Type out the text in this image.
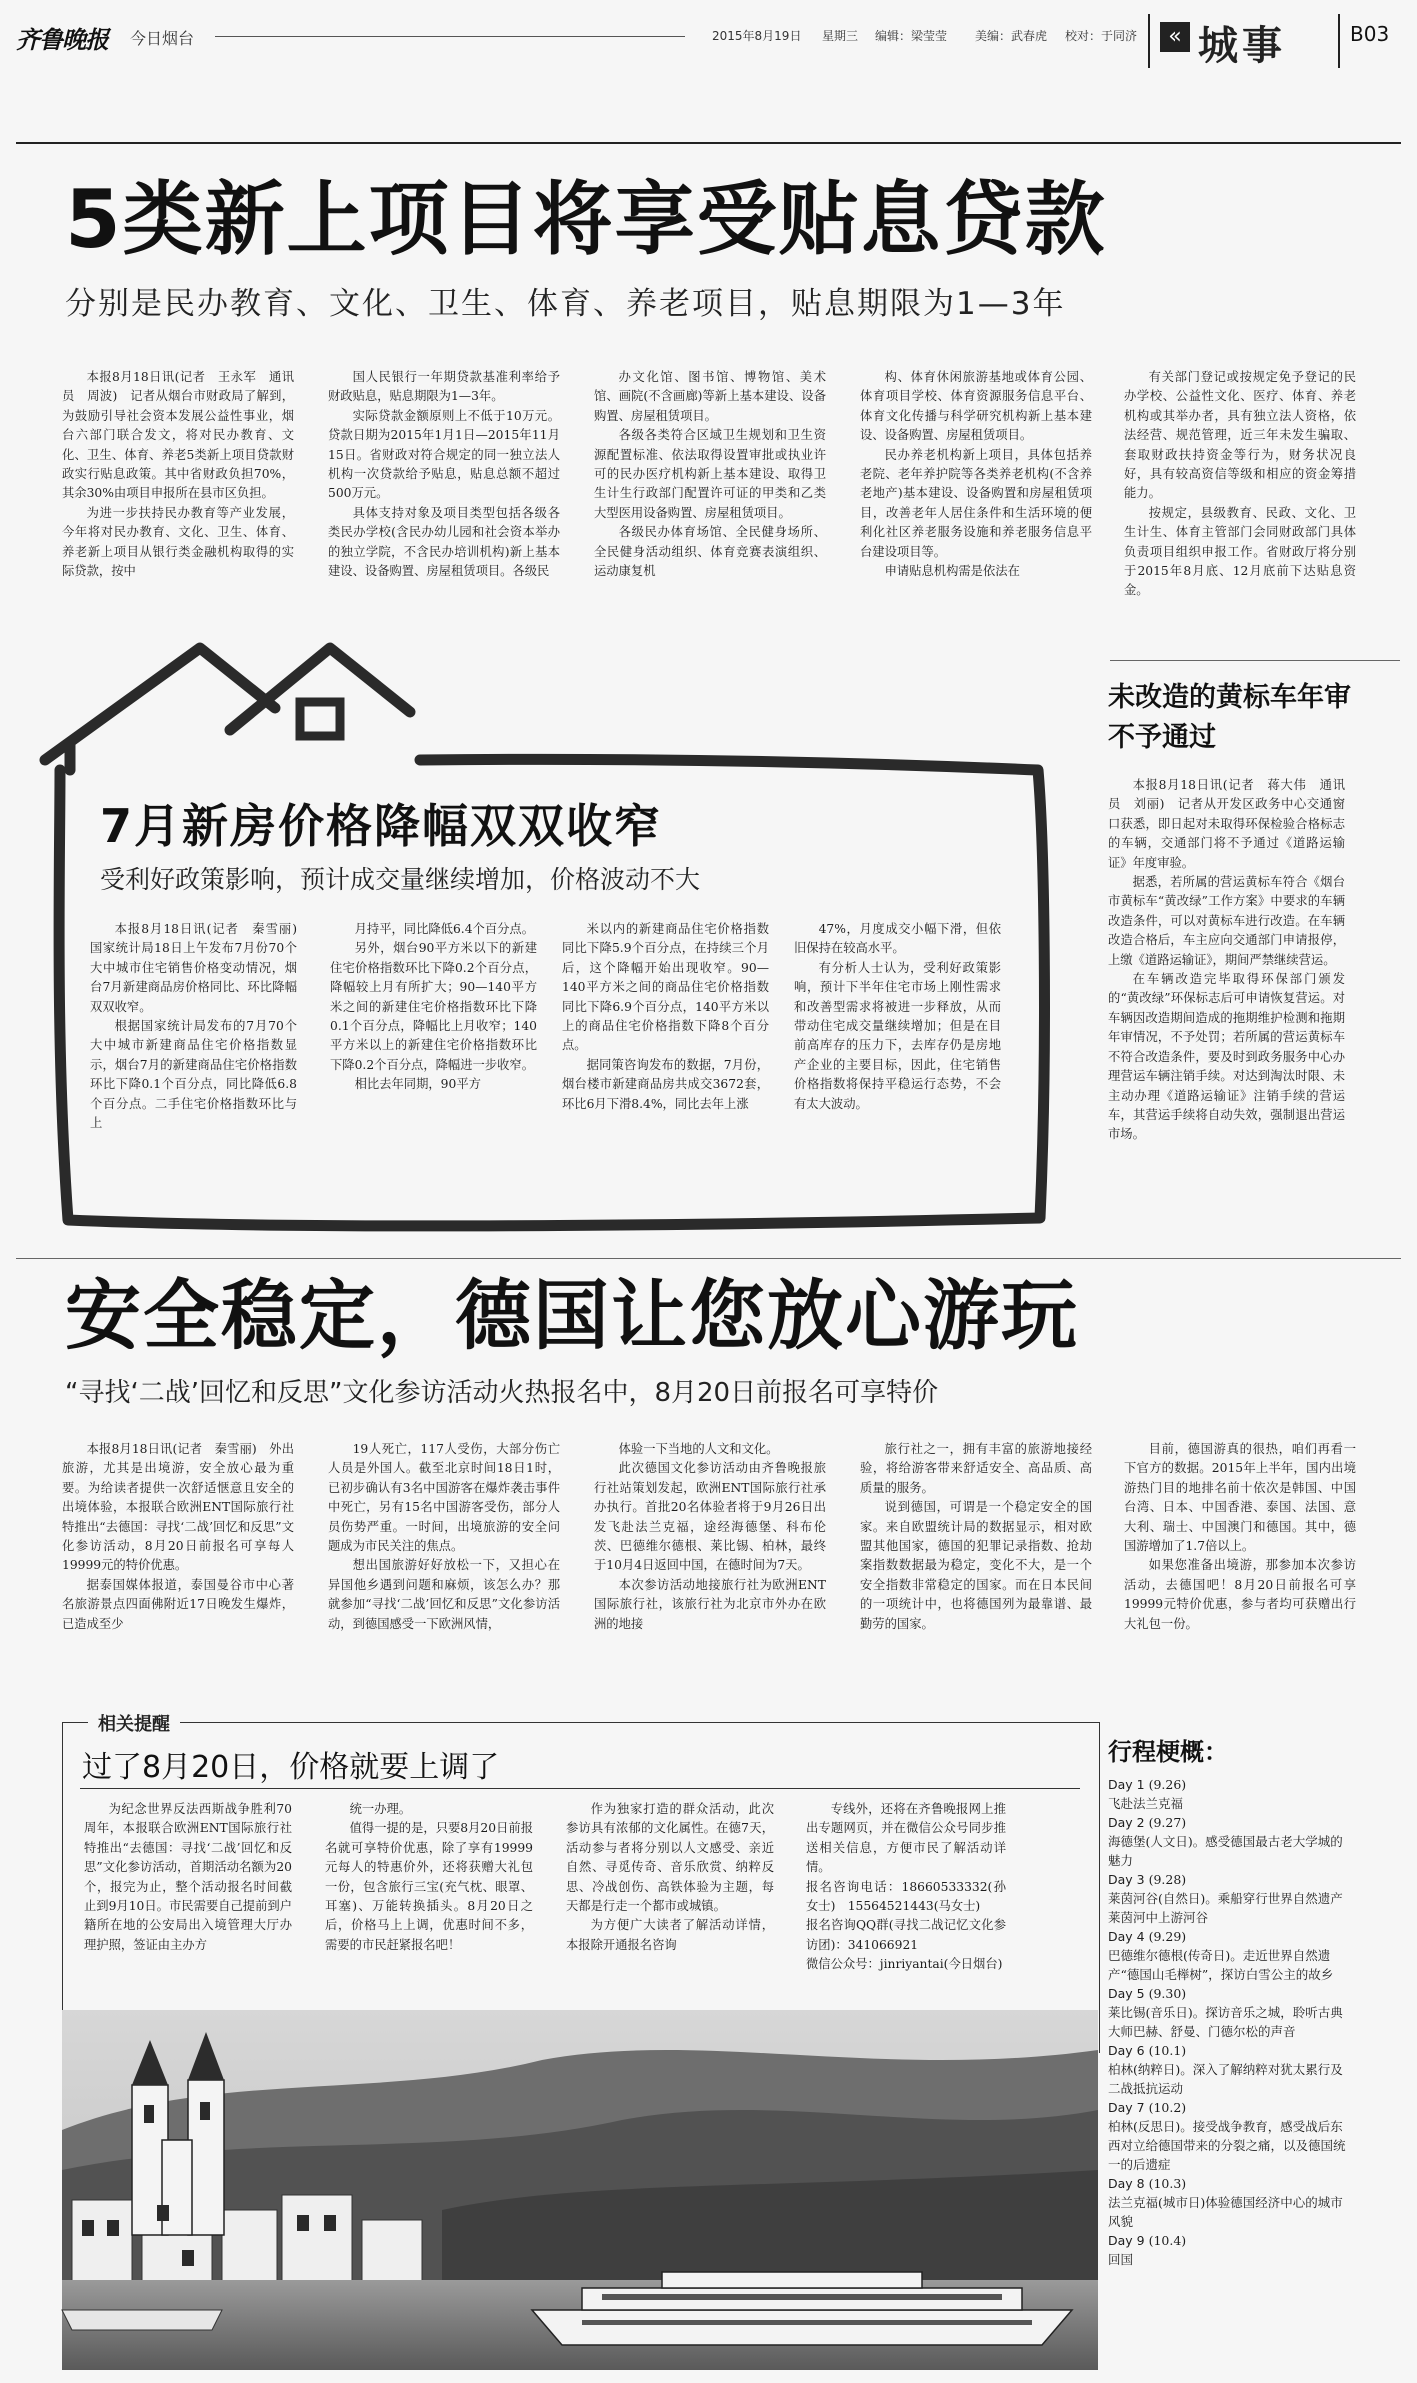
齐鲁晚报 今日烟台	2015年8月19日 星期三 编辑：梁莹莹 美编：武春虎 校对：于同济	« 城事	B03
5类新上项目将享受贴息贷款
分别是民办教育、文化、卫生、体育、养老项目，贴息期限为1—3年

本报8月18日讯(记者　王永军　通讯员　周波)　记者从烟台市财政局了解到，为鼓励引导社会资本发展公益性事业，烟台六部门联合发文，将对民办教育、文化、卫生、体育、养老5类新上项目贷款财政实行贴息政策。其中省财政负担70%，其余30%由项目申报所在县市区负担。

为进一步扶持民办教育等产业发展，今年将对民办教育、文化、卫生、体育、养老新上项目从银行类金融机构取得的实际贷款，按中

国人民银行一年期贷款基准利率给予财政贴息，贴息期限为1—3年。

实际贷款金额原则上不低于10万元。贷款日期为2015年1月1日—2015年11月15日。省财政对符合规定的同一独立法人机构一次贷款给予贴息，贴息总额不超过500万元。

具体支持对象及项目类型包括各级各类民办学校(含民办幼儿园和社会资本举办的独立学院，不含民办培训机构)新上基本建设、设备购置、房屋租赁项目。各级民

办文化馆、图书馆、博物馆、美术馆、画院(不含画廊)等新上基本建设、设备购置、房屋租赁项目。

各级各类符合区域卫生规划和卫生资源配置标准、依法取得设置审批或执业许可的民办医疗机构新上基本建设、取得卫生计生行政部门配置许可证的甲类和乙类大型医用设备购置、房屋租赁项目。

各级民办体育场馆、全民健身场所、全民健身活动组织、体育竞赛表演组织、运动康复机

构、体育休闲旅游基地或体育公园、体育项目学校、体育资源服务信息平台、体育文化传播与科学研究机构新上基本建设、设备购置、房屋租赁项目。

民办养老机构新上项目，具体包括养老院、老年养护院等各类养老机构(不含养老地产)基本建设、设备购置和房屋租赁项目，改善老年人居住条件和生活环境的便利化社区养老服务设施和养老服务信息平台建设项目等。

申请贴息机构需是依法在

有关部门登记或按规定免予登记的民办学校、公益性文化、医疗、体育、养老机构或其举办者，具有独立法人资格，依法经营、规范管理，近三年未发生骗取、套取财政扶持资金等行为，财务状况良好，具有较高资信等级和相应的资金筹措能力。

按规定，县级教育、民政、文化、卫生计生、体育主管部门会同财政部门具体负责项目组织申报工作。省财政厅将分别于2015年8月底、12月底前下达贴息资金。

7月新房价格降幅双双收窄
受利好政策影响，预计成交量继续增加，价格波动不大

本报8月18日讯(记者　秦雪丽)　国家统计局18日上午发布7月份70个大中城市住宅销售价格变动情况，烟台7月新建商品房价格同比、环比降幅双双收窄。

根据国家统计局发布的7月70个大中城市新建商品住宅价格指数显示，烟台7月的新建商品住宅价格指数环比下降0.1个百分点，同比降低6.8个百分点。二手住宅价格指数环比与上

月持平，同比降低6.4个百分点。

另外，烟台90平方米以下的新建住宅价格指数环比下降0.2个百分点，降幅较上月有所扩大；90—140平方米之间的新建住宅价格指数环比下降0.1个百分点，降幅比上月收窄；140平方米以上的新建住宅价格指数环比下降0.2个百分点，降幅进一步收窄。

相比去年同期，90平方

米以内的新建商品住宅价格指数同比下降5.9个百分点，在持续三个月后，这个降幅开始出现收窄。90—140平方米之间的商品住宅价格指数同比下降6.9个百分点，140平方米以上的商品住宅价格指数下降8个百分点。

据同策咨询发布的数据，7月份，烟台楼市新建商品房共成交3672套，环比6月下滑8.4%，同比去年上涨

47%，月度成交小幅下滑，但依旧保持在较高水平。

有分析人士认为，受利好政策影响，预计下半年住宅市场上刚性需求和改善型需求将被进一步释放，从而带动住宅成交量继续增加；但是在目前高库存的压力下，去库存仍是房地产企业的主要目标，因此，住宅销售价格指数将保持平稳运行态势，不会有太大波动。

未改造的黄标车年审不予通过

本报8月18日讯(记者　蒋大伟　通讯员　刘丽)　记者从开发区政务中心交通窗口获悉，即日起对未取得环保检验合格标志的车辆，交通部门将不予通过《道路运输证》年度审验。

据悉，若所属的营运黄标车符合《烟台市黄标车“黄改绿”工作方案》中要求的车辆改造条件，可以对黄标车进行改造。在车辆改造合格后，车主应向交通部门申请报停，上缴《道路运输证》，期间严禁继续营运。

在车辆改造完毕取得环保部门颁发的“黄改绿”环保标志后可申请恢复营运。对车辆因改造期间造成的拖期维护检测和拖期年审情况，不予处罚；若所属的营运黄标车不符合改造条件，要及时到政务服务中心办理营运车辆注销手续。对达到淘汰时限、未主动办理《道路运输证》注销手续的营运车，其营运手续将自动失效，强制退出营运市场。

安全稳定，德国让您放心游玩
“寻找‘二战’回忆和反思”文化参访活动火热报名中，8月20日前报名可享特价

本报8月18日讯(记者　秦雪丽)　外出旅游，尤其是出境游，安全放心最为重要。为给读者提供一次舒适惬意且安全的出境体验，本报联合欧洲ENT国际旅行社特推出“去德国：寻找‘二战’回忆和反思”文化参访活动，8月20日前报名可享每人19999元的特价优惠。

据泰国媒体报道，泰国曼谷市中心著名旅游景点四面佛附近17日晚发生爆炸，已造成至少

19人死亡，117人受伤，大部分伤亡人员是外国人。截至北京时间18日1时，已初步确认有3名中国游客在爆炸袭击事件中死亡，另有15名中国游客受伤，部分人员伤势严重。一时间，出境旅游的安全问题成为市民关注的焦点。

想出国旅游好好放松一下，又担心在异国他乡遇到问题和麻烦，该怎么办？那就参加“寻找‘二战’回忆和反思”文化参访活动，到德国感受一下欧洲风情，

体验一下当地的人文和文化。

此次德国文化参访活动由齐鲁晚报旅行社站策划发起，欧洲ENT国际旅行社承办执行。首批20名体验者将于9月26日出发飞赴法兰克福，途经海德堡、科布伦茨、巴德维尔德根、莱比锡、柏林，最终于10月4日返回中国，在德时间为7天。

本次参访活动地接旅行社为欧洲ENT国际旅行社，该旅行社为北京市外办在欧洲的地接

旅行社之一，拥有丰富的旅游地接经验，将给游客带来舒适安全、高品质、高质量的服务。

说到德国，可谓是一个稳定安全的国家。来自欧盟统计局的数据显示，相对欧盟其他国家，德国的犯罪记录指数、抢劫案指数数据最为稳定，变化不大，是一个安全指数非常稳定的国家。而在日本民间的一项统计中，也将德国列为最靠谱、最勤劳的国家。

目前，德国游真的很热，咱们再看一下官方的数据。2015年上半年，国内出境游热门目的地排名前十依次是韩国、中国台湾、日本、中国香港、泰国、法国、意大利、瑞士、中国澳门和德国。其中，德国游增加了1.7倍以上。

如果您准备出境游，那参加本次参访活动，去德国吧！8月20日前报名可享19999元特价优惠，参与者均可获赠出行大礼包一份。

相关提醒
过了8月20日，价格就要上调了

为纪念世界反法西斯战争胜利70周年，本报联合欧洲ENT国际旅行社特推出“去德国：寻找‘二战’回忆和反思”文化参访活动，首期活动名额为20个，报完为止，整个活动报名时间截止到9月10日。市民需要自己提前到户籍所在地的公安局出入境管理大厅办理护照，签证由主办方

统一办理。

值得一提的是，只要8月20日前报名就可享特价优惠，除了享有19999元每人的特惠价外，还将获赠大礼包一份，包含旅行三宝(充气枕、眼罩、耳塞)、万能转换插头。8月20日之后，价格马上上调，优惠时间不多，需要的市民赶紧报名吧！

作为独家打造的群众活动，此次参访具有浓郁的文化属性。在德7天，活动参与者将分别以人文感受、亲近自然、寻觅传奇、音乐欣赏、纳粹反思、冷战创伤、高铁体验为主题，每天都是行走一个都市或城镇。

为方便广大读者了解活动详情，本报除开通报名咨询

专线外，还将在齐鲁晚报网上推出专题网页，并在微信公众号同步推送相关信息，方便市民了解活动详情。

报名咨询电话：18660533332(孙女士)　15564521443(马女士)

报名咨询QQ群(寻找二战记忆文化参访团)：341066921

微信公众号：jinriyantai(今日烟台)

行程梗概：
Day 1 (9.26)
飞赴法兰克福
Day 2 (9.27)
海德堡(人文日)。感受德国最古老大学城的魅力
Day 3 (9.28)
莱茵河谷(自然日)。乘船穿行世界自然遗产莱茵河中上游河谷
Day 4 (9.29)
巴德维尔德根(传奇日)。走近世界自然遗产“德国山毛榉树”，探访白雪公主的故乡
Day 5 (9.30)
莱比锡(音乐日)。探访音乐之城，聆听古典大师巴赫、舒曼、门德尔松的声音
Day 6 (10.1)
柏林(纳粹日)。深入了解纳粹对犹太累行及二战抵抗运动
Day 7 (10.2)
柏林(反思日)。接受战争教育，感受战后东西对立给德国带来的分裂之痛，以及德国统一的后遗症
Day 8 (10.3)
法兰克福(城市日)体验德国经济中心的城市风貌
Day 9 (10.4)
回国
